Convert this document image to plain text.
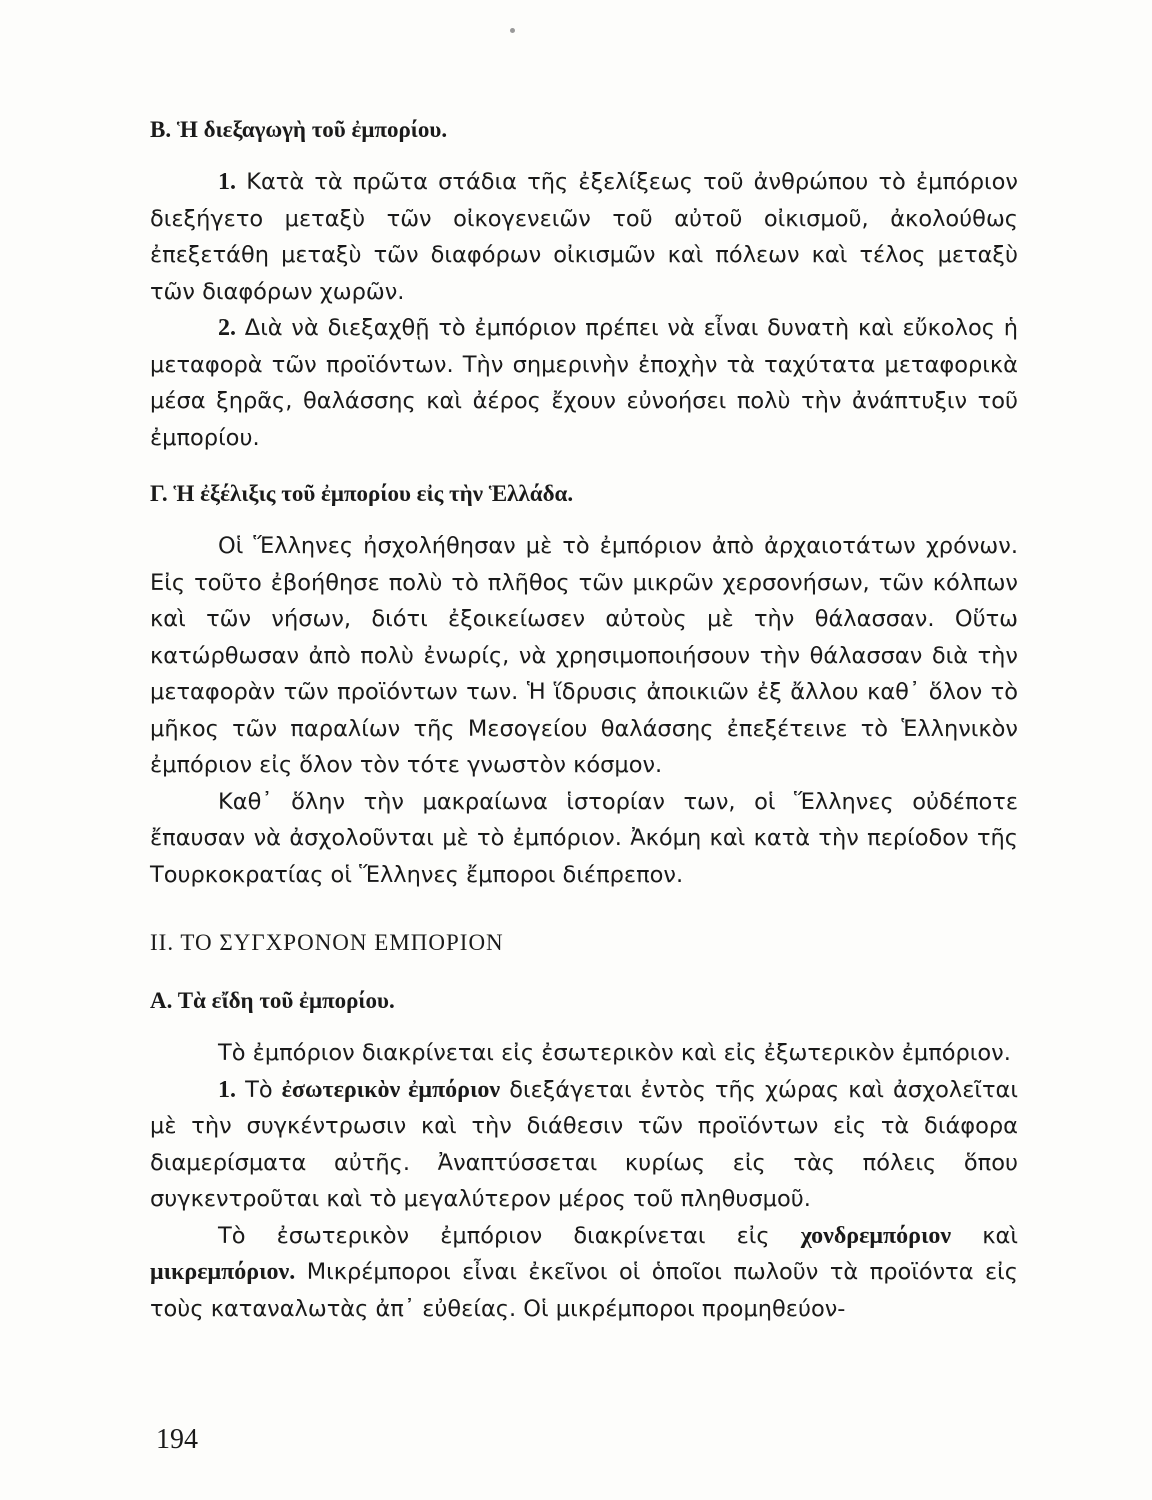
Β. Ἡ διεξαγωγὴ τοῦ ἐμπορίου.

1. Κατὰ τὰ πρῶτα στάδια τῆς ἐξελίξεως τοῦ ἀνθρώπου τὸ ἐμπόριον διεξήγετο μεταξὺ τῶν οἰκογενειῶν τοῦ αὐτοῦ οἰκισμοῦ, ἀκολούθως ἐπεξετάθη μεταξὺ τῶν διαφόρων οἰκισμῶν καὶ πόλεων καὶ τέλος μεταξὺ τῶν διαφόρων χωρῶν.

2. Διὰ νὰ διεξαχθῇ τὸ ἐμπόριον πρέπει νὰ εἶναι δυνατὴ καὶ εὔκολος ἡ μεταφορὰ τῶν προϊόντων. Τὴν σημερινὴν ἐποχὴν τὰ ταχύτατα μεταφορικὰ μέσα ξηρᾶς, θαλάσσης καὶ ἀέρος ἔχουν εὐνοήσει πολὺ τὴν ἀνάπτυξιν τοῦ ἐμπορίου.

Γ. Ἡ ἐξέλιξις τοῦ ἐμπορίου εἰς τὴν Ἑλλάδα.

Οἱ Ἕλληνες ἠσχολήθησαν μὲ τὸ ἐμπόριον ἀπὸ ἀρχαιοτάτων χρόνων. Εἰς τοῦτο ἐβοήθησε πολὺ τὸ πλῆθος τῶν μικρῶν χερσονήσων, τῶν κόλπων καὶ τῶν νήσων, διότι ἐξοικείωσεν αὐτοὺς μὲ τὴν θάλασσαν. Οὕτω κατώρθωσαν ἀπὸ πολὺ ἐνωρίς, νὰ χρησιμοποιήσουν τὴν θάλασσαν διὰ τὴν μεταφορὰν τῶν προϊόντων των. Ἡ ἵδρυσις ἀποικιῶν ἐξ ἄλλου καθ᾽ ὅλον τὸ μῆκος τῶν παραλίων τῆς Μεσογείου θαλάσσης ἐπεξέτεινε τὸ Ἑλληνικὸν ἐμπόριον εἰς ὅλον τὸν τότε γνωστὸν κόσμον.

Καθ᾽ ὅλην τὴν μακραίωνα ἱστορίαν των, οἱ Ἕλληνες οὐδέποτε ἔπαυσαν νὰ ἀσχολοῦνται μὲ τὸ ἐμπόριον. Ἀκόμη καὶ κατὰ τὴν περίοδον τῆς Τουρκοκρατίας οἱ Ἕλληνες ἔμποροι διέπρεπον.

ΙΙ. ΤΟ ΣΥΓΧΡΟΝΟΝ ΕΜΠΟΡΙΟΝ

Α. Τὰ εἴδη τοῦ ἐμπορίου.

Τὸ ἐμπόριον διακρίνεται εἰς ἐσωτερικὸν καὶ εἰς ἐξωτερικὸν ἐμπόριον.

1. Τὸ ἐσωτερικὸν ἐμπόριον διεξάγεται ἐντὸς τῆς χώρας καὶ ἀσχολεῖται μὲ τὴν συγκέντρωσιν καὶ τὴν διάθεσιν τῶν προϊόντων εἰς τὰ διάφορα διαμερίσματα αὐτῆς. Ἀναπτύσσεται κυρίως εἰς τὰς πόλεις ὅπου συγκεντροῦται καὶ τὸ μεγαλύτερον μέρος τοῦ πληθυσμοῦ.

Τὸ ἐσωτερικὸν ἐμπόριον διακρίνεται εἰς χονδρεμπόριον καὶ μικρεμπόριον. Μικρέμποροι εἶναι ἐκεῖνοι οἱ ὁποῖοι πωλοῦν τὰ προϊόντα εἰς τοὺς καταναλωτὰς ἀπ᾽ εὐθείας. Οἱ μικρέμποροι προμηθεύον-

194
